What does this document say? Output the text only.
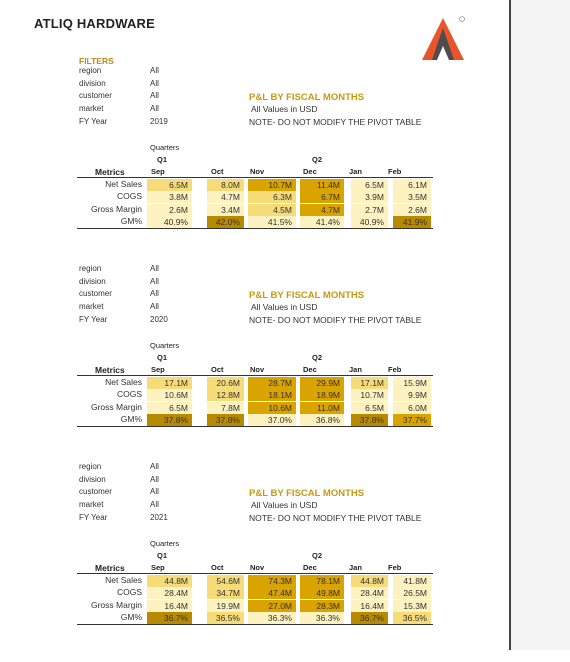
ATLIQ HARDWARE
FILTERS
region	All
division	All
customer	All
market	All
FY Year	2019
P&L BY FISCAL MONTHS
All Values in USD
NOTE- DO NOT MODIFY THE PIVOT TABLE
Quarters
Q1	Q2
Sep	Oct	Nov	Dec	Jan	Feb
Metrics
Net Sales	6.5M	8.0M	10.7M	11.4M	6.5M	6.1M
COGS	3.8M	4.7M	6.3M	6.7M	3.9M	3.5M
Gross Margin	2.6M	3.4M	4.5M	4.7M	2.7M	2.6M
GM%	40.9%	42.0%	41.5%	41.4%	40.9%	41.9%
region	All
division	All
customer	All
market	All
FY Year	2020
P&L BY FISCAL MONTHS
All Values in USD
NOTE- DO NOT MODIFY THE PIVOT TABLE
Quarters
Q1	Q2
Sep	Oct	Nov	Dec	Jan	Feb
Metrics
Net Sales	17.1M	20.6M	28.7M	29.9M	17.1M	15.9M
COGS	10.6M	12.8M	18.1M	18.9M	10.7M	9.9M
Gross Margin	6.5M	7.8M	10.6M	11.0M	6.5M	6.0M
GM%	37.8%	37.8%	37.0%	36.8%	37.8%	37.7%
region	All
division	All
customer	All
market	All
FY Year	2021
P&L BY FISCAL MONTHS
All Values in USD
NOTE- DO NOT MODIFY THE PIVOT TABLE
Quarters
Q1	Q2
Sep	Oct	Nov	Dec	Jan	Feb
Metrics
Net Sales	44.8M	54.6M	74.3M	78.1M	44.8M	41.8M
COGS	28.4M	34.7M	47.4M	49.8M	28.4M	26.5M
Gross Margin	16.4M	19.9M	27.0M	28.3M	16.4M	15.3M
GM%	36.7%	36.5%	36.3%	36.3%	36.7%	36.5%
